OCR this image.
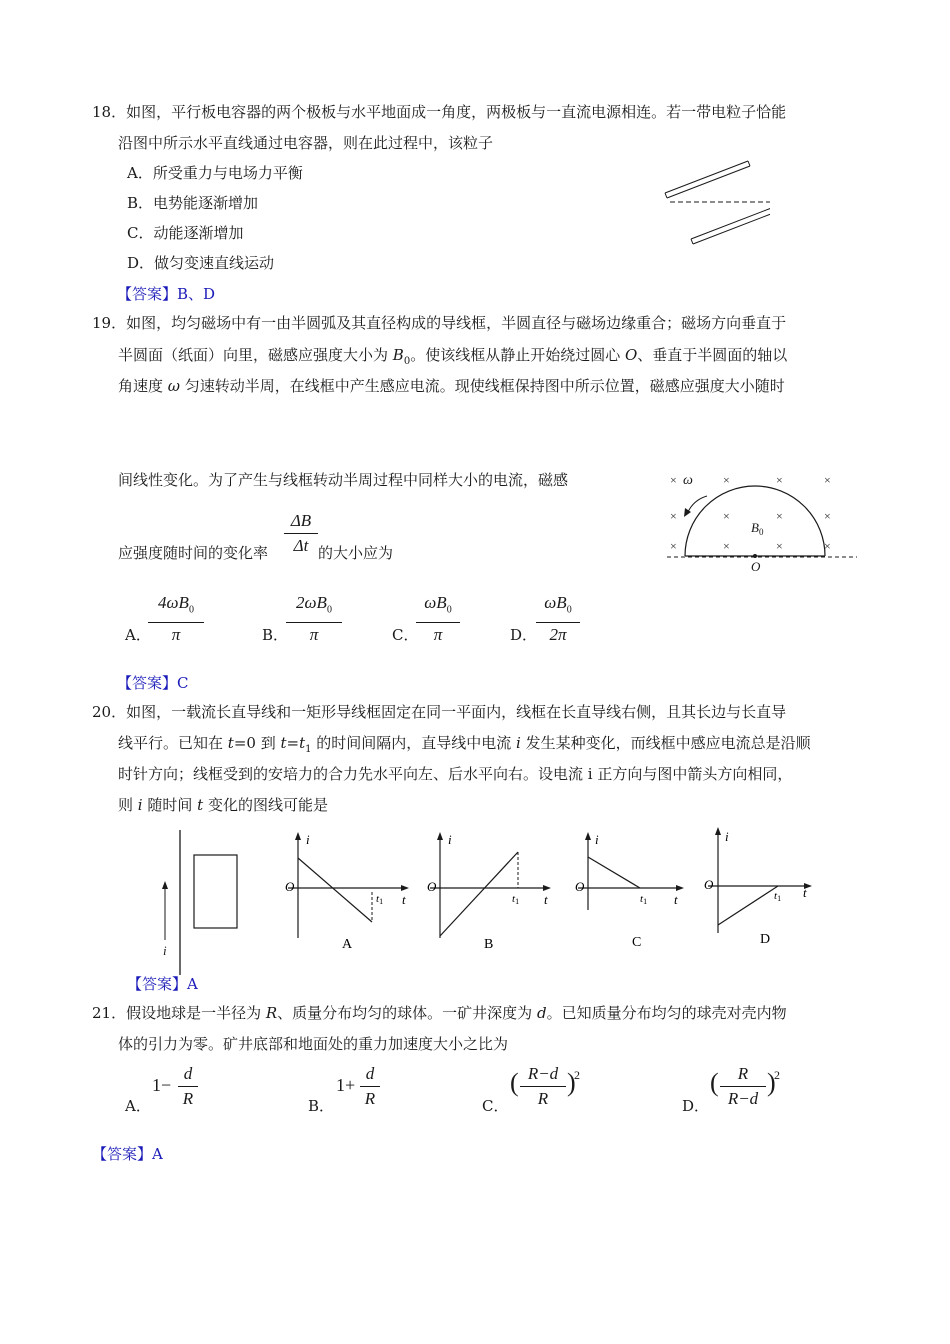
18．如图，平行板电容器的两个极板与水平地面成一角度，两极板与一直流电源相连。若一带电粒子恰能
沿图中所示水平直线通过电容器，则在此过程中，该粒子
A．所受重力与电场力平衡
B．电势能逐渐增加
C．动能逐渐增加
D．做匀变速直线运动
【答案】B、D
19．如图，均匀磁场中有一由半圆弧及其直径构成的导线框，半圆直径与磁场边缘重合；磁场方向垂直于
半圆面（纸面）向里，磁感应强度大小为 $B_0$。使该线框从静止开始绕过圆心 O、垂直于半圆面的轴以
角速度 ω 匀速转动半周，在线框中产生感应电流。现使线框保持图中所示位置，磁感应强度大小随时
间线性变化。为了产生与线框转动半周过程中同样大小的电流，磁感
应强度随时间的变化率
ΔB
Δt 的大小应为
×	×	×	×
×	×	×	×
×	×	×	×
ω
$B_0$
O
A．
$4\omega B_0$
π	B．
$2\omega B_0$
π	C．
$\omega B_0$
π	D．
$\omega B_0$
2π
【答案】C
20．如图，一载流长直导线和一矩形导线框固定在同一平面内，线框在长直导线右侧，且其长边与长直导
线平行。已知在 t=0 到 $t=t_1$ 的时间间隔内，直导线中电流 i 发生某种变化，而线框中感应电流总是沿顺
时针方向；线框受到的安培力的合力先水平向左、后水平向右。设电流 i 正方向与图中箭头方向相同，
则 i 随时间 t 变化的图线可能是
i
i
O
t
t1
A
i
O
t
t1
B
i
O
t
t1
C
i
O
t
t1
D
【答案】A
21．假设地球是一半径为 R、质量分布均匀的球体。一矿井深度为 d。已知质量分布均匀的球壳对壳内物
体的引力为零。矿井底部和地面处的重力加速度大小之比为
A．
1−
d
R	B．
1+
d
R	C．
( R−d
R
)
2
D．
(	R
R−d
)
2
【答案】A
